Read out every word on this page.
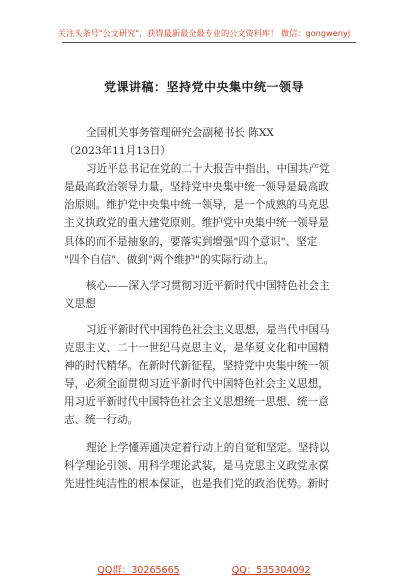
关注头条号"公文研究"，获得最新最全最专业的公文资料库！ 微信：gongwenyj
党课讲稿：坚持党中央集中统一领导
全国机关事务管理研究会副秘书长 陈XX
（2023年11月13日）
习近平总书记在党的二十大报告中指出，中国共产党
是最高政治领导力量，坚持党中央集中统一领导是最高政
治原则。维护党中央集中统一领导，是一个成熟的马克思
主义执政党的重大建党原则。维护党中央集中统一领导是
具体的而不是抽象的，要落实到增强"四个意识"、坚定
"四个自信"、做到"两个维护"的实际行动上。
核心——深入学习贯彻习近平新时代中国特色社会主
义思想
习近平新时代中国特色社会主义思想，是当代中国马
克思主义、二十一世纪马克思主义，是华夏文化和中国精
神的时代精华。在新时代新征程，坚持党中央集中统一领
导，必须全面贯彻习近平新时代中国特色社会主义思想，
用习近平新时代中国特色社会主义思想统一思想、统一意
志、统一行动。
理论上学懂弄通决定着行动上的自觉和坚定。坚持以
科学理论引领、用科学理论武装，是马克思主义政党永葆
先进性纯洁性的根本保证，也是我们党的政治优势。新时
QQ群：30265665	QQ：535304092
